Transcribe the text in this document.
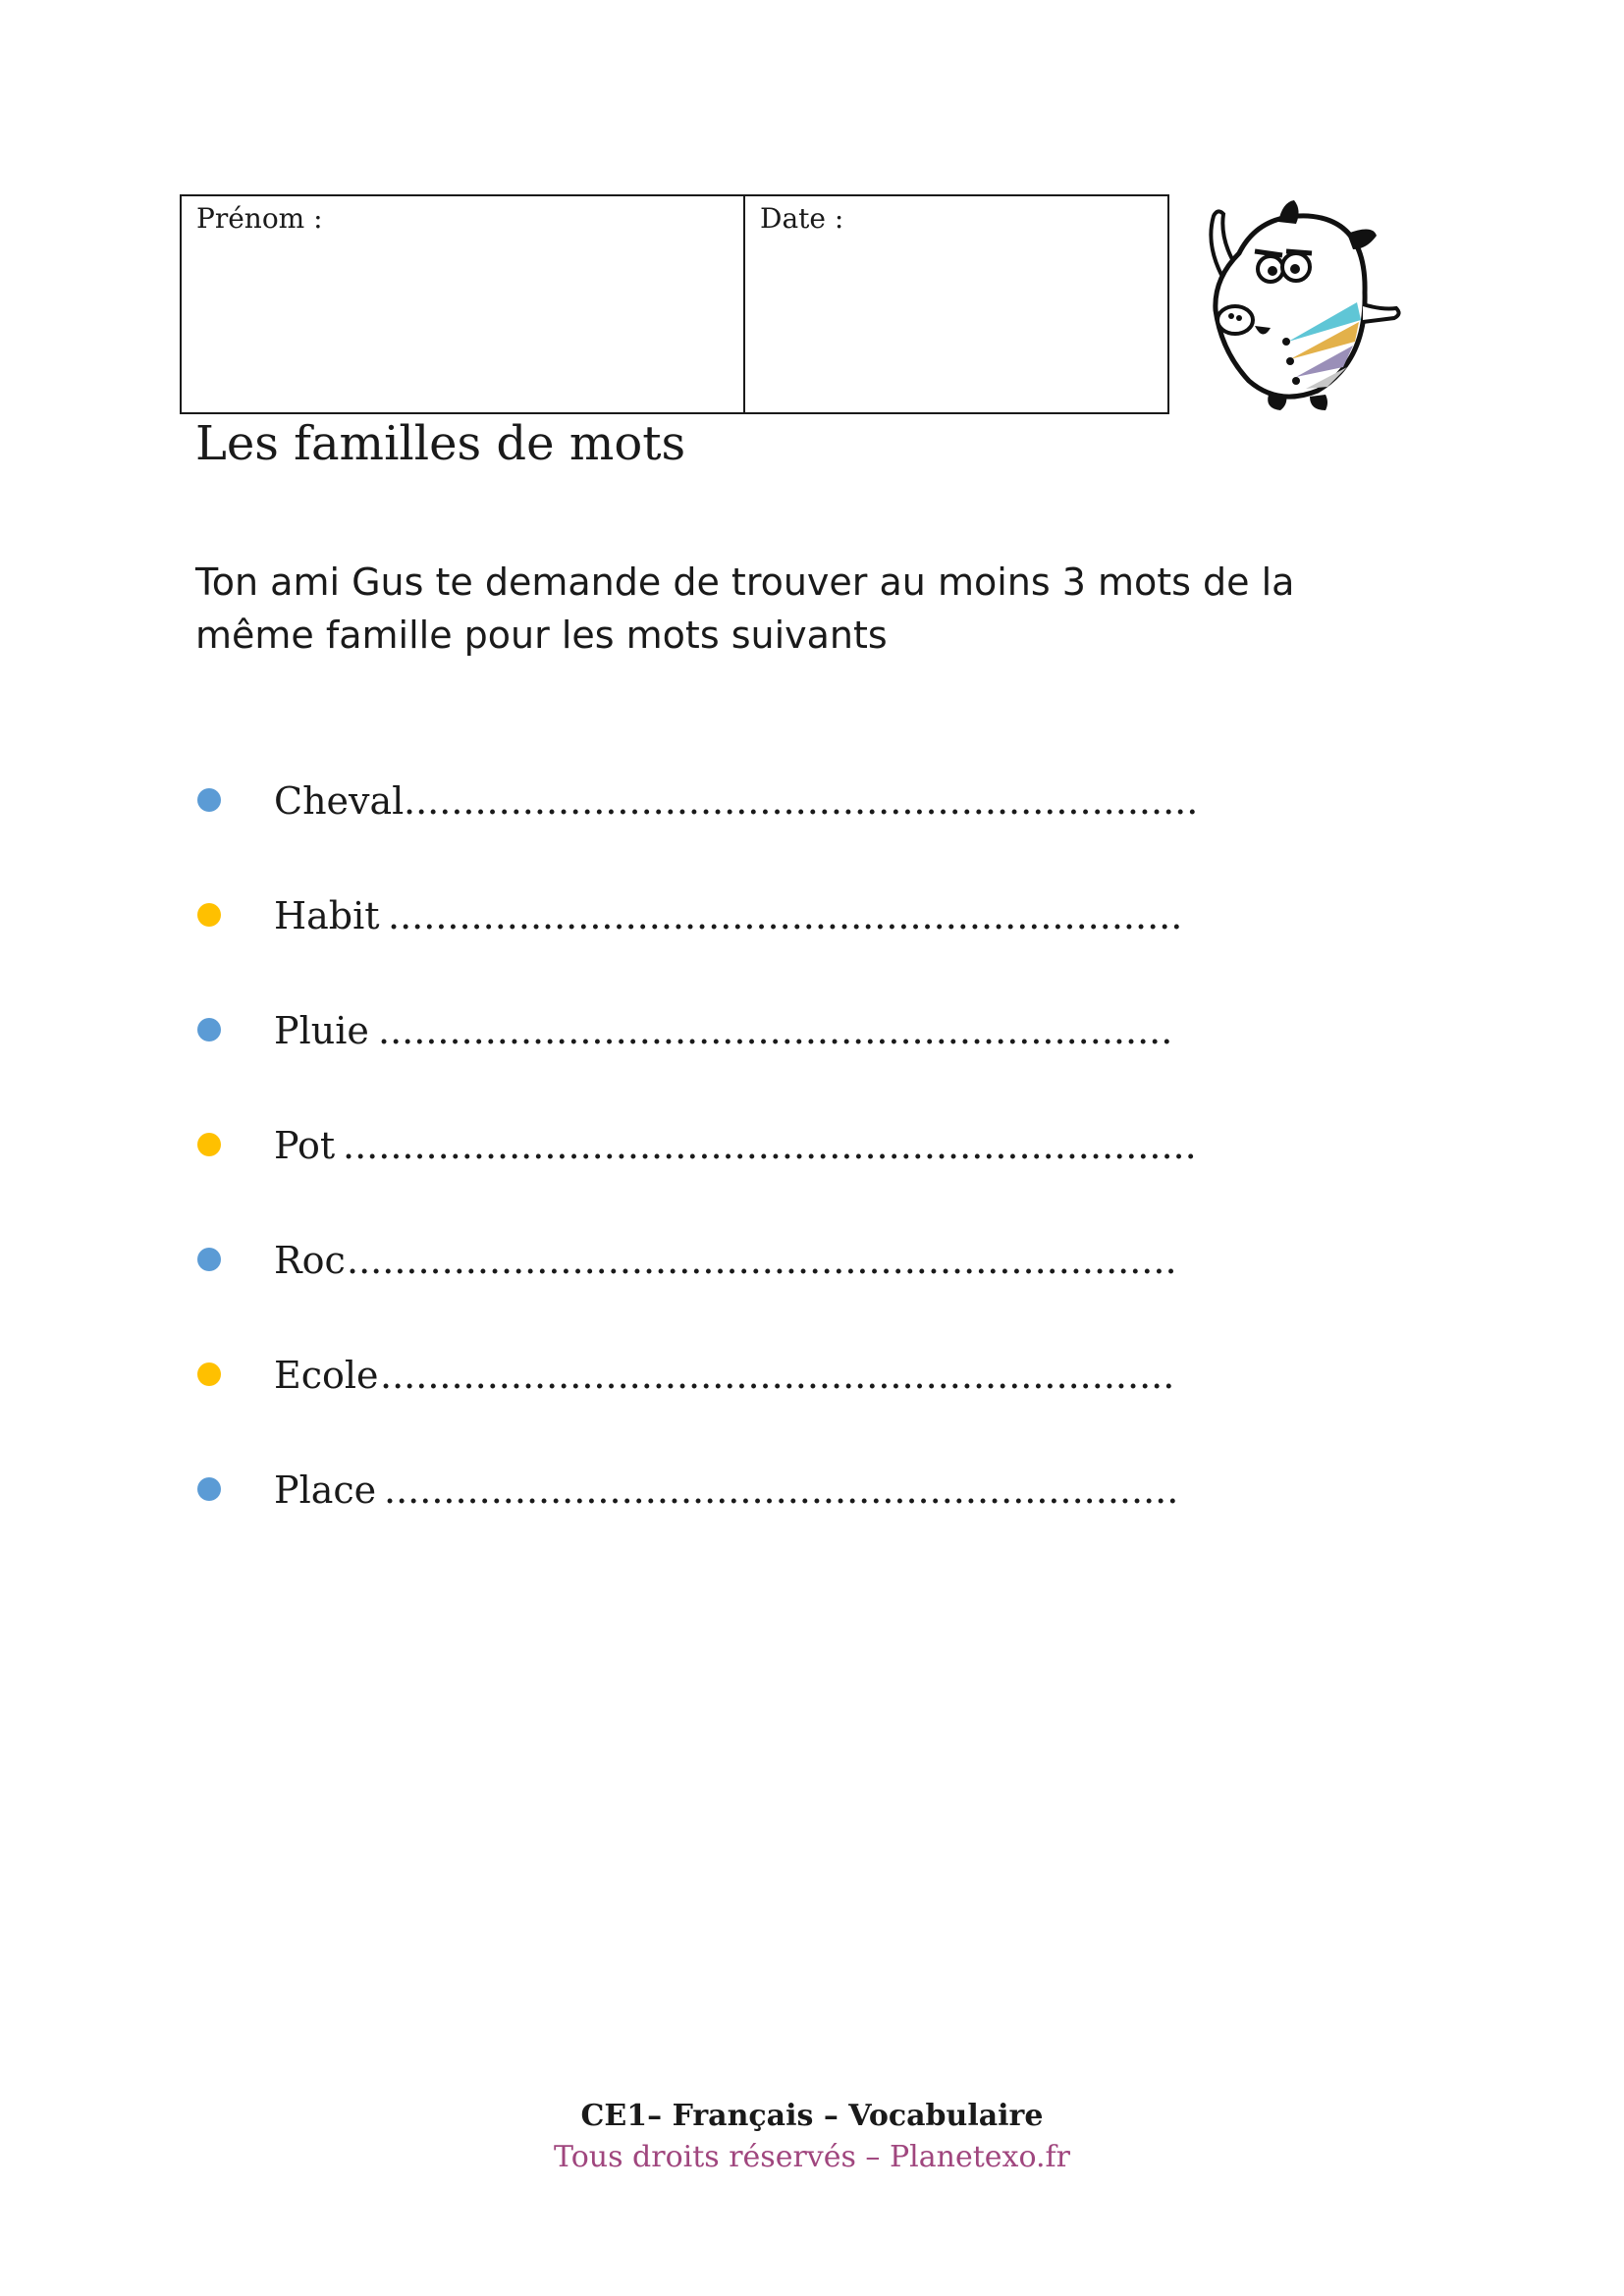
Prénom :	Date :
Les familles de mots

Ton ami Gus te demande de trouver au moins 3 mots de la même famille pour les mots suivants

Cheval ...................................................................
Habit ...................................................................
Pluie ...................................................................
Pot ........................................................................
Roc ......................................................................
Ecole ...................................................................
Place ...................................................................
CE1– Français – Vocabulaire
Tous droits réservés – Planetexo.fr
